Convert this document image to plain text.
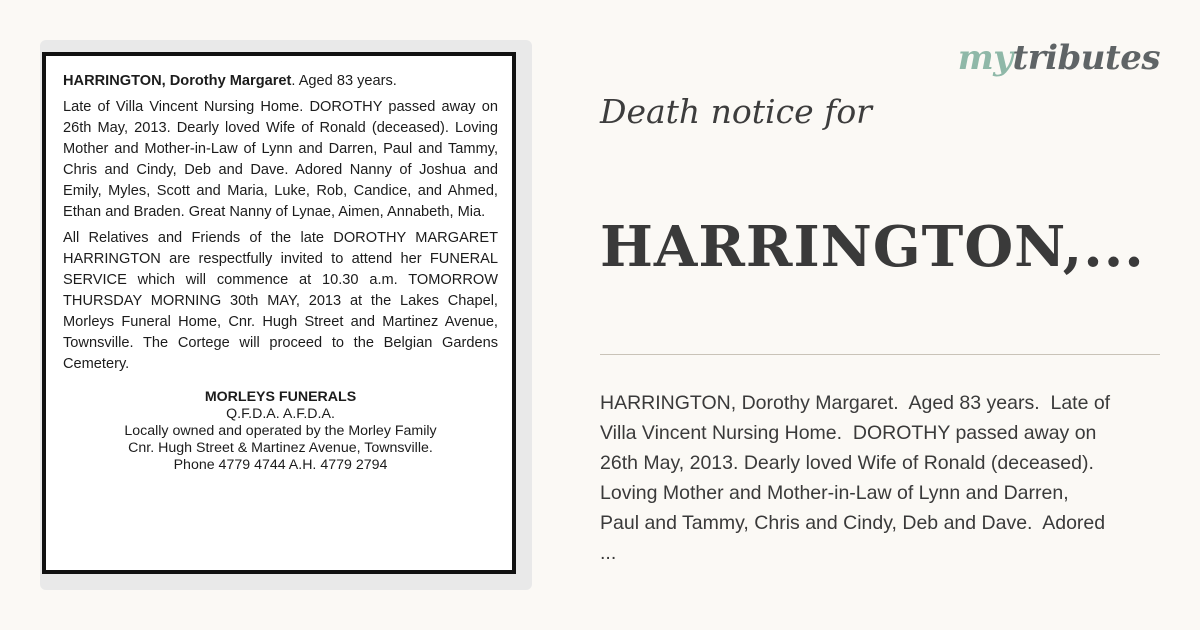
HARRINGTON, Dorothy Margaret. Aged 83 years.

Late of Villa Vincent Nursing Home. DOROTHY passed away on 26th May, 2013. Dearly loved Wife of Ronald (deceased). Loving Mother and Mother-in-Law of Lynn and Darren, Paul and Tammy, Chris and Cindy, Deb and Dave. Adored Nanny of Joshua and Emily, Myles, Scott and Maria, Luke, Rob, Candice, and Ahmed, Ethan and Braden. Great Nanny of Lynae, Aimen, Annabeth, Mia.

All Relatives and Friends of the late DOROTHY MARGARET HARRINGTON are respectfully invited to attend her FUNERAL SERVICE which will commence at 10.30 a.m. TOMORROW THURSDAY MORNING 30th MAY, 2013 at the Lakes Chapel, Morleys Funeral Home, Cnr. Hugh Street and Martinez Avenue, Townsville. The Cortege will proceed to the Belgian Gardens Cemetery.

MORLEYS FUNERALS
Q.F.D.A. A.F.D.A.
Locally owned and operated by the Morley Family
Cnr. Hugh Street & Martinez Avenue, Townsville.
Phone 4779 4744 A.H. 4779 2794
mytributes
Death notice for
HARRINGTON,...
HARRINGTON, Dorothy Margaret.  Aged 83 years.  Late of
Villa Vincent Nursing Home.  DOROTHY passed away on
26th May, 2013. Dearly loved Wife of Ronald (deceased).
Loving Mother and Mother-in-Law of Lynn and Darren,
Paul and Tammy, Chris and Cindy, Deb and Dave.  Adored
...
